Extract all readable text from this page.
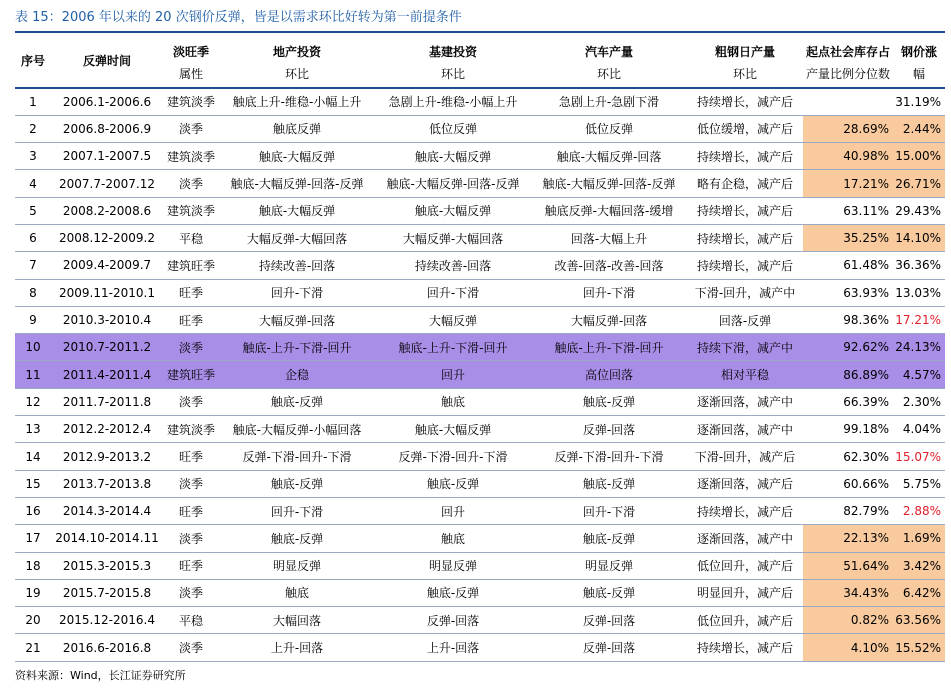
表 15：2006 年以来的 20 次钢价反弹，皆是以需求环比好转为第一前提条件
序号	反弹时间	淡旺季	地产投资	基建投资	汽车产量	粗钢日产量	起点社会库存占	钢价涨
		属性	环比	环比	环比	环比	产量比例分位数	幅
1	2006.1-2006.6	建筑淡季	触底上升-维稳-小幅上升	急剧上升-维稳-小幅上升	急剧上升-急剧下滑	持续增长，减产后		31.19%
2	2006.8-2006.9	淡季	触底反弹	低位反弹	低位反弹	低位缓增，减产后	28.69%	2.44%
3	2007.1-2007.5	建筑淡季	触底-大幅反弹	触底-大幅反弹	触底-大幅反弹-回落	持续增长，减产后	40.98%	15.00%
4	2007.7-2007.12	淡季	触底-大幅反弹-回落-反弹	触底-大幅反弹-回落-反弹	触底-大幅反弹-回落-反弹	略有企稳，减产后	17.21%	26.71%
5	2008.2-2008.6	建筑淡季	触底-大幅反弹	触底-大幅反弹	触底反弹-大幅回落-缓增	持续增长，减产后	63.11%	29.43%
6	2008.12-2009.2	平稳	大幅反弹-大幅回落	大幅反弹-大幅回落	回落-大幅上升	持续增长，减产后	35.25%	14.10%
7	2009.4-2009.7	建筑旺季	持续改善-回落	持续改善-回落	改善-回落-改善-回落	持续增长，减产后	61.48%	36.36%
8	2009.11-2010.1	旺季	回升-下滑	回升-下滑	回升-下滑	下滑-回升，减产中	63.93%	13.03%
9	2010.3-2010.4	旺季	大幅反弹-回落	大幅反弹	大幅反弹-回落	回落-反弹	98.36%	17.21%
10	2010.7-2011.2	淡季	触底-上升-下滑-回升	触底-上升-下滑-回升	触底-上升-下滑-回升	持续下滑，减产中	92.62%	24.13%
11	2011.4-2011.4	建筑旺季	企稳	回升	高位回落	相对平稳	86.89%	4.57%
12	2011.7-2011.8	淡季	触底-反弹	触底	触底-反弹	逐渐回落，减产中	66.39%	2.30%
13	2012.2-2012.4	建筑淡季	触底-大幅反弹-小幅回落	触底-大幅反弹	反弹-回落	逐渐回落，减产中	99.18%	4.04%
14	2012.9-2013.2	旺季	反弹-下滑-回升-下滑	反弹-下滑-回升-下滑	反弹-下滑-回升-下滑	下滑-回升，减产后	62.30%	15.07%
15	2013.7-2013.8	淡季	触底-反弹	触底-反弹	触底-反弹	逐渐回落，减产后	60.66%	5.75%
16	2014.3-2014.4	旺季	回升-下滑	回升	回升-下滑	持续增长，减产后	82.79%	2.88%
17	2014.10-2014.11	淡季	触底-反弹	触底	触底-反弹	逐渐回落，减产中	22.13%	1.69%
18	2015.3-2015.3	旺季	明显反弹	明显反弹	明显反弹	低位回升，减产后	51.64%	3.42%
19	2015.7-2015.8	淡季	触底	触底-反弹	触底-反弹	明显回升，减产后	34.43%	6.42%
20	2015.12-2016.4	平稳	大幅回落	反弹-回落	反弹-回落	低位回升，减产后	0.82%	63.56%
21	2016.6-2016.8	淡季	上升-回落	上升-回落	反弹-回落	持续增长，减产后	4.10%	15.52%
资料来源：Wind，长江证券研究所
